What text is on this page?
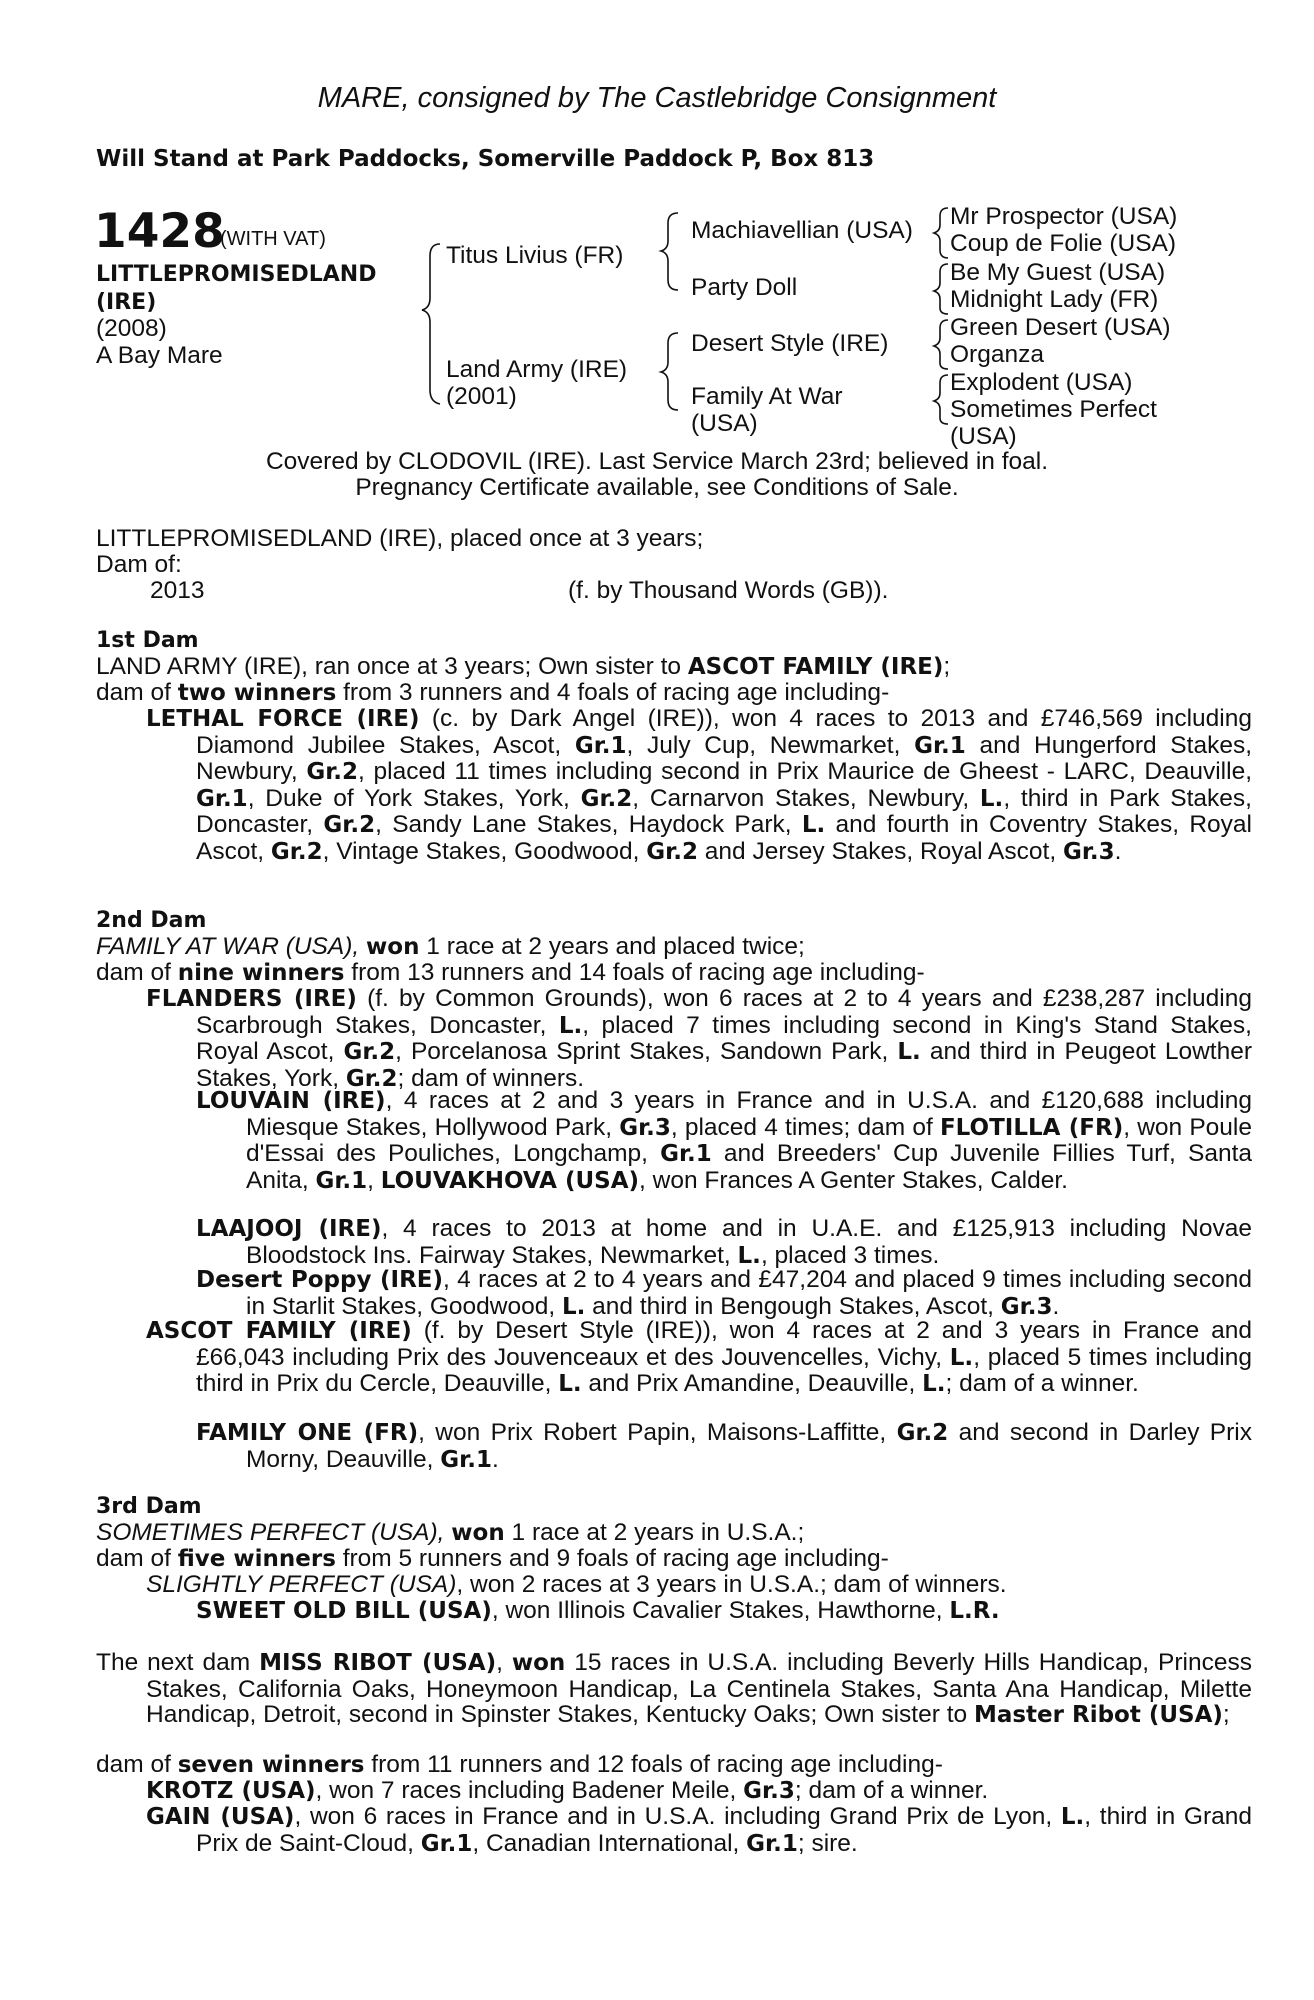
MARE, consigned by The Castlebridge Consignment
Will Stand at Park Paddocks, Somerville Paddock P, Box 813
1428
(WITH VAT)
LITTLEPROMISEDLAND
(IRE)
(2008)
A Bay Mare
Titus Livius (FR)
Land Army (IRE)
(2001)
Machiavellian (USA)
Party Doll
Desert Style (IRE)
Family At War
(USA)
Mr Prospector (USA)
Coup de Folie (USA)
Be My Guest (USA)
Midnight Lady (FR)
Green Desert (USA)
Organza
Explodent (USA)
Sometimes Perfect
(USA)
Covered by CLODOVIL (IRE). Last Service March 23rd; believed in foal.
Pregnancy Certificate available, see Conditions of Sale.
LITTLEPROMISEDLAND (IRE), placed once at 3 years;
Dam of:
2013	(f. by Thousand Words (GB)).
1st Dam
LAND ARMY (IRE), ran once at 3 years; Own sister to ASCOT FAMILY (IRE);
dam of two winners from 3 runners and 4 foals of racing age including-
LETHAL FORCE (IRE) (c. by Dark Angel (IRE)), won 4 races to 2013 and £746,569 including Diamond Jubilee Stakes, Ascot, Gr.1, July Cup, Newmarket, Gr.1 and Hungerford Stakes, Newbury, Gr.2, placed 11 times including second in Prix Maurice de Gheest - LARC, Deauville, Gr.1, Duke of York Stakes, York, Gr.2, Carnarvon Stakes, Newbury, L., third in Park Stakes, Doncaster, Gr.2, Sandy Lane Stakes, Haydock Park, L. and fourth in Coventry Stakes, Royal Ascot, Gr.2, Vintage Stakes, Goodwood, Gr.2 and Jersey Stakes, Royal Ascot, Gr.3.
2nd Dam
FAMILY AT WAR (USA), won 1 race at 2 years and placed twice;
dam of nine winners from 13 runners and 14 foals of racing age including-
FLANDERS (IRE) (f. by Common Grounds), won 6 races at 2 to 4 years and £238,287 including Scarbrough Stakes, Doncaster, L., placed 7 times including second in King's Stand Stakes, Royal Ascot, Gr.2, Porcelanosa Sprint Stakes, Sandown Park, L. and third in Peugeot Lowther Stakes, York, Gr.2; dam of winners.
LOUVAIN (IRE), 4 races at 2 and 3 years in France and in U.S.A. and £120,688 including Miesque Stakes, Hollywood Park, Gr.3, placed 4 times; dam of FLOTILLA (FR), won Poule d'Essai des Pouliches, Longchamp, Gr.1 and Breeders' Cup Juvenile Fillies Turf, Santa Anita, Gr.1, LOUVAKHOVA (USA), won Frances A Genter Stakes, Calder.
LAAJOOJ (IRE), 4 races to 2013 at home and in U.A.E. and £125,913 including Novae Bloodstock Ins. Fairway Stakes, Newmarket, L., placed 3 times.
Desert Poppy (IRE), 4 races at 2 to 4 years and £47,204 and placed 9 times including second in Starlit Stakes, Goodwood, L. and third in Bengough Stakes, Ascot, Gr.3.
ASCOT FAMILY (IRE) (f. by Desert Style (IRE)), won 4 races at 2 and 3 years in France and £66,043 including Prix des Jouvenceaux et des Jouvencelles, Vichy, L., placed 5 times including third in Prix du Cercle, Deauville, L. and Prix Amandine, Deauville, L.; dam of a winner.
FAMILY ONE (FR), won Prix Robert Papin, Maisons-Laffitte, Gr.2 and second in Darley Prix Morny, Deauville, Gr.1.
3rd Dam
SOMETIMES PERFECT (USA), won 1 race at 2 years in U.S.A.;
dam of five winners from 5 runners and 9 foals of racing age including-
SLIGHTLY PERFECT (USA), won 2 races at 3 years in U.S.A.; dam of winners.
SWEET OLD BILL (USA), won Illinois Cavalier Stakes, Hawthorne, L.R.
The next dam MISS RIBOT (USA), won 15 races in U.S.A. including Beverly Hills Handicap, Princess Stakes, California Oaks, Honeymoon Handicap, La Centinela Stakes, Santa Ana Handicap, Milette Handicap, Detroit, second in Spinster Stakes, Kentucky Oaks; Own sister to Master Ribot (USA);
dam of seven winners from 11 runners and 12 foals of racing age including-
KROTZ (USA), won 7 races including Badener Meile, Gr.3; dam of a winner.
GAIN (USA), won 6 races in France and in U.S.A. including Grand Prix de Lyon, L., third in Grand Prix de Saint-Cloud, Gr.1, Canadian International, Gr.1; sire.
